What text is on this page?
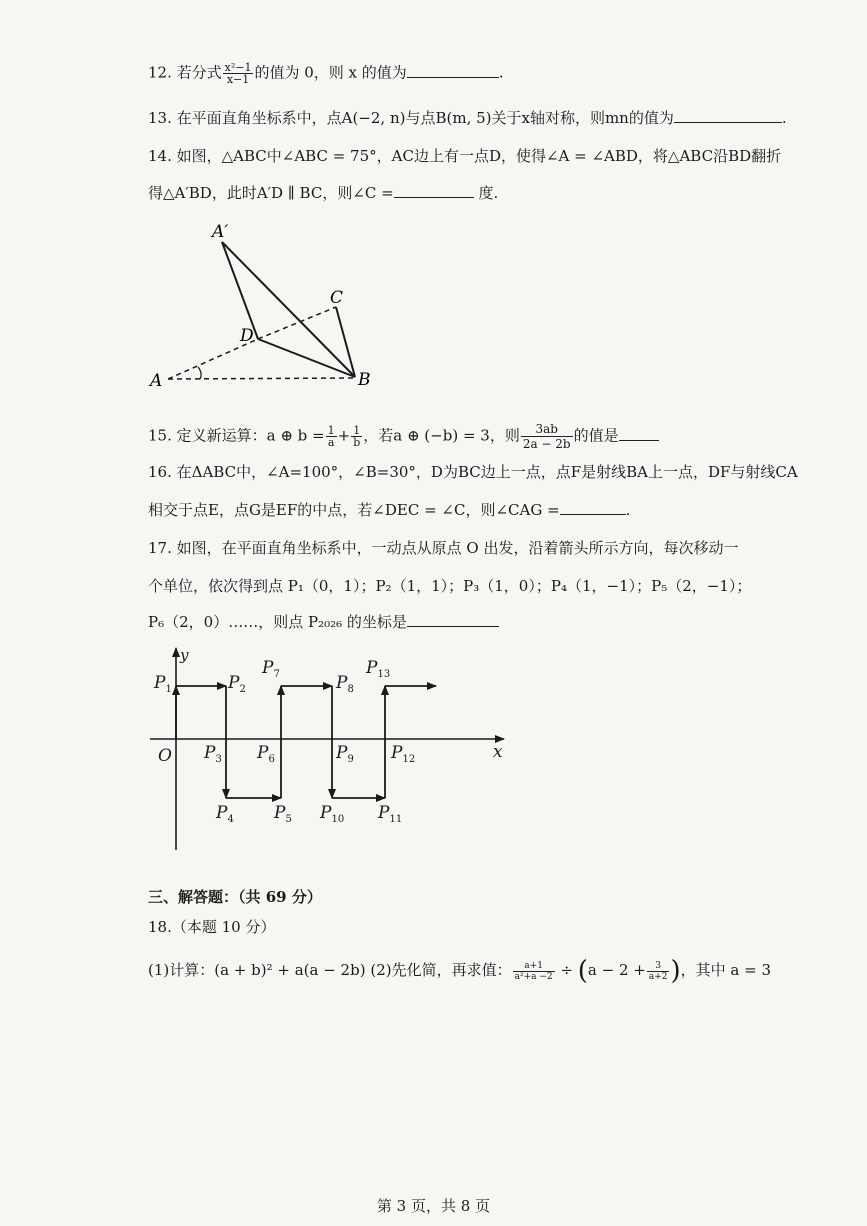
12. 若分式 $\frac{\text{x²−1}}{x-1}$ 的值为 0，则 x 的值为	.
13. 在平面直角坐标系中，点A(−2, n)与点B(m, 5)关于x轴对称，则mn的值为	.
14. 如图，△ABC中∠ABC = 75°，AC边上有一点D，使得∠A = ∠ABD，将△ABC沿BD翻折
得△A′BD，此时A′D ∥ BC，则∠C =	度.
A′
C
D
A	B
15. 定义新运算：a ⊕ $b = \frac{1}{a} + \frac{1}{b}$ ，若a ⊕ (−b) = 3，则 $\frac{3ab}{2a - 2b}$ 的值是
16. 在ΔABC中，∠A=100°，∠B=30°，D为BC边上一点，点F是射线BA上一点，DF与射线CA
相交于点E，点G是EF的中点，若∠DEC = ∠C，则∠CAG =	.
17. 如图，在平面直角坐标系中，一动点从原点 O 出发，沿着箭头所示方向，每次移动一
个单位，依次得到点 P₁（0，1）；P₂（1，1）；P₃（1，0）；P₄（1，−1）；P₅（2，−1）；
P₆（2，0）……，则点 P₂₀₂₆ 的坐标是
y
x
O
$P_1$	$P_2$
$P_3$
$P_4$ $P_5$
$P_6$
$P_7$	$P_8$
$P_9$
$P_{10}$ $P_{11}$
$P_{12}$
$P_{13}$
三、解答题：（共 69 分）
18.（本题 10 分）
(1)计算：(a + b)² + a(a − 2b) (2)先化简，再求值： $\frac{a+1}{\text{a²+a −2}} \div (a - 2 + \frac{3}{a+2}$ )，其中 a = 3
第 3 页，共 8 页
